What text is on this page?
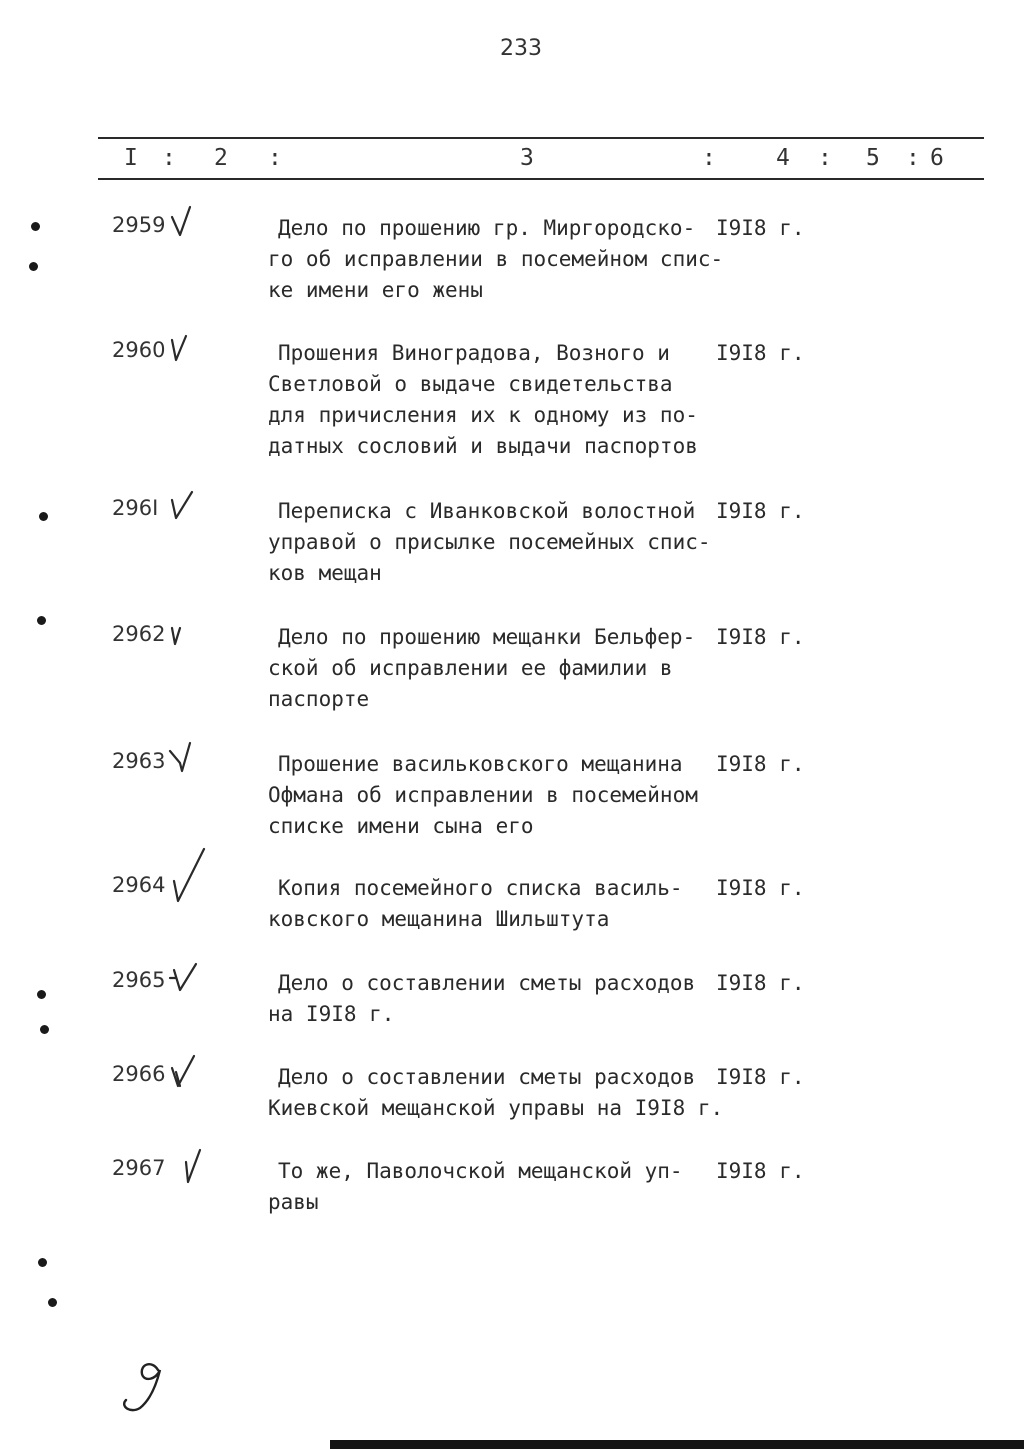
233
I : 2 :	3	:	4 : 5 : 6
2959	Дело по прошению гр. Миргородско-
го об исправлении в посемейном спис-
ке имени его жены
I9I8 г.
2960	Прошения Виноградова, Возного и
Светловой о выдаче свидетельства
для причисления их к одному из по-
датных сословий и выдачи паспортов
I9I8 г.
296I	Переписка с Иванковской волостной
управой о присылке посемейных спис-
ков мещан
I9I8 г.
2962	Дело по прошению мещанки Бельфер-
ской об исправлении ее фамилии в
паспорте
I9I8 г.
2963	Прошение васильковского мещанина
Офмана об исправлении в посемейном
списке имени сына его
I9I8 г.
2964	Копия посемейного списка василь-
ковского мещанина Шильштута
I9I8 г.
2965	Дело о составлении сметы расходов
на I9I8 г.
I9I8 г.
2966	Дело о составлении сметы расходов
Киевской мещанской управы на I9I8 г.
I9I8 г.
2967	То же, Паволочской мещанской уп-
равы
I9I8 г.
